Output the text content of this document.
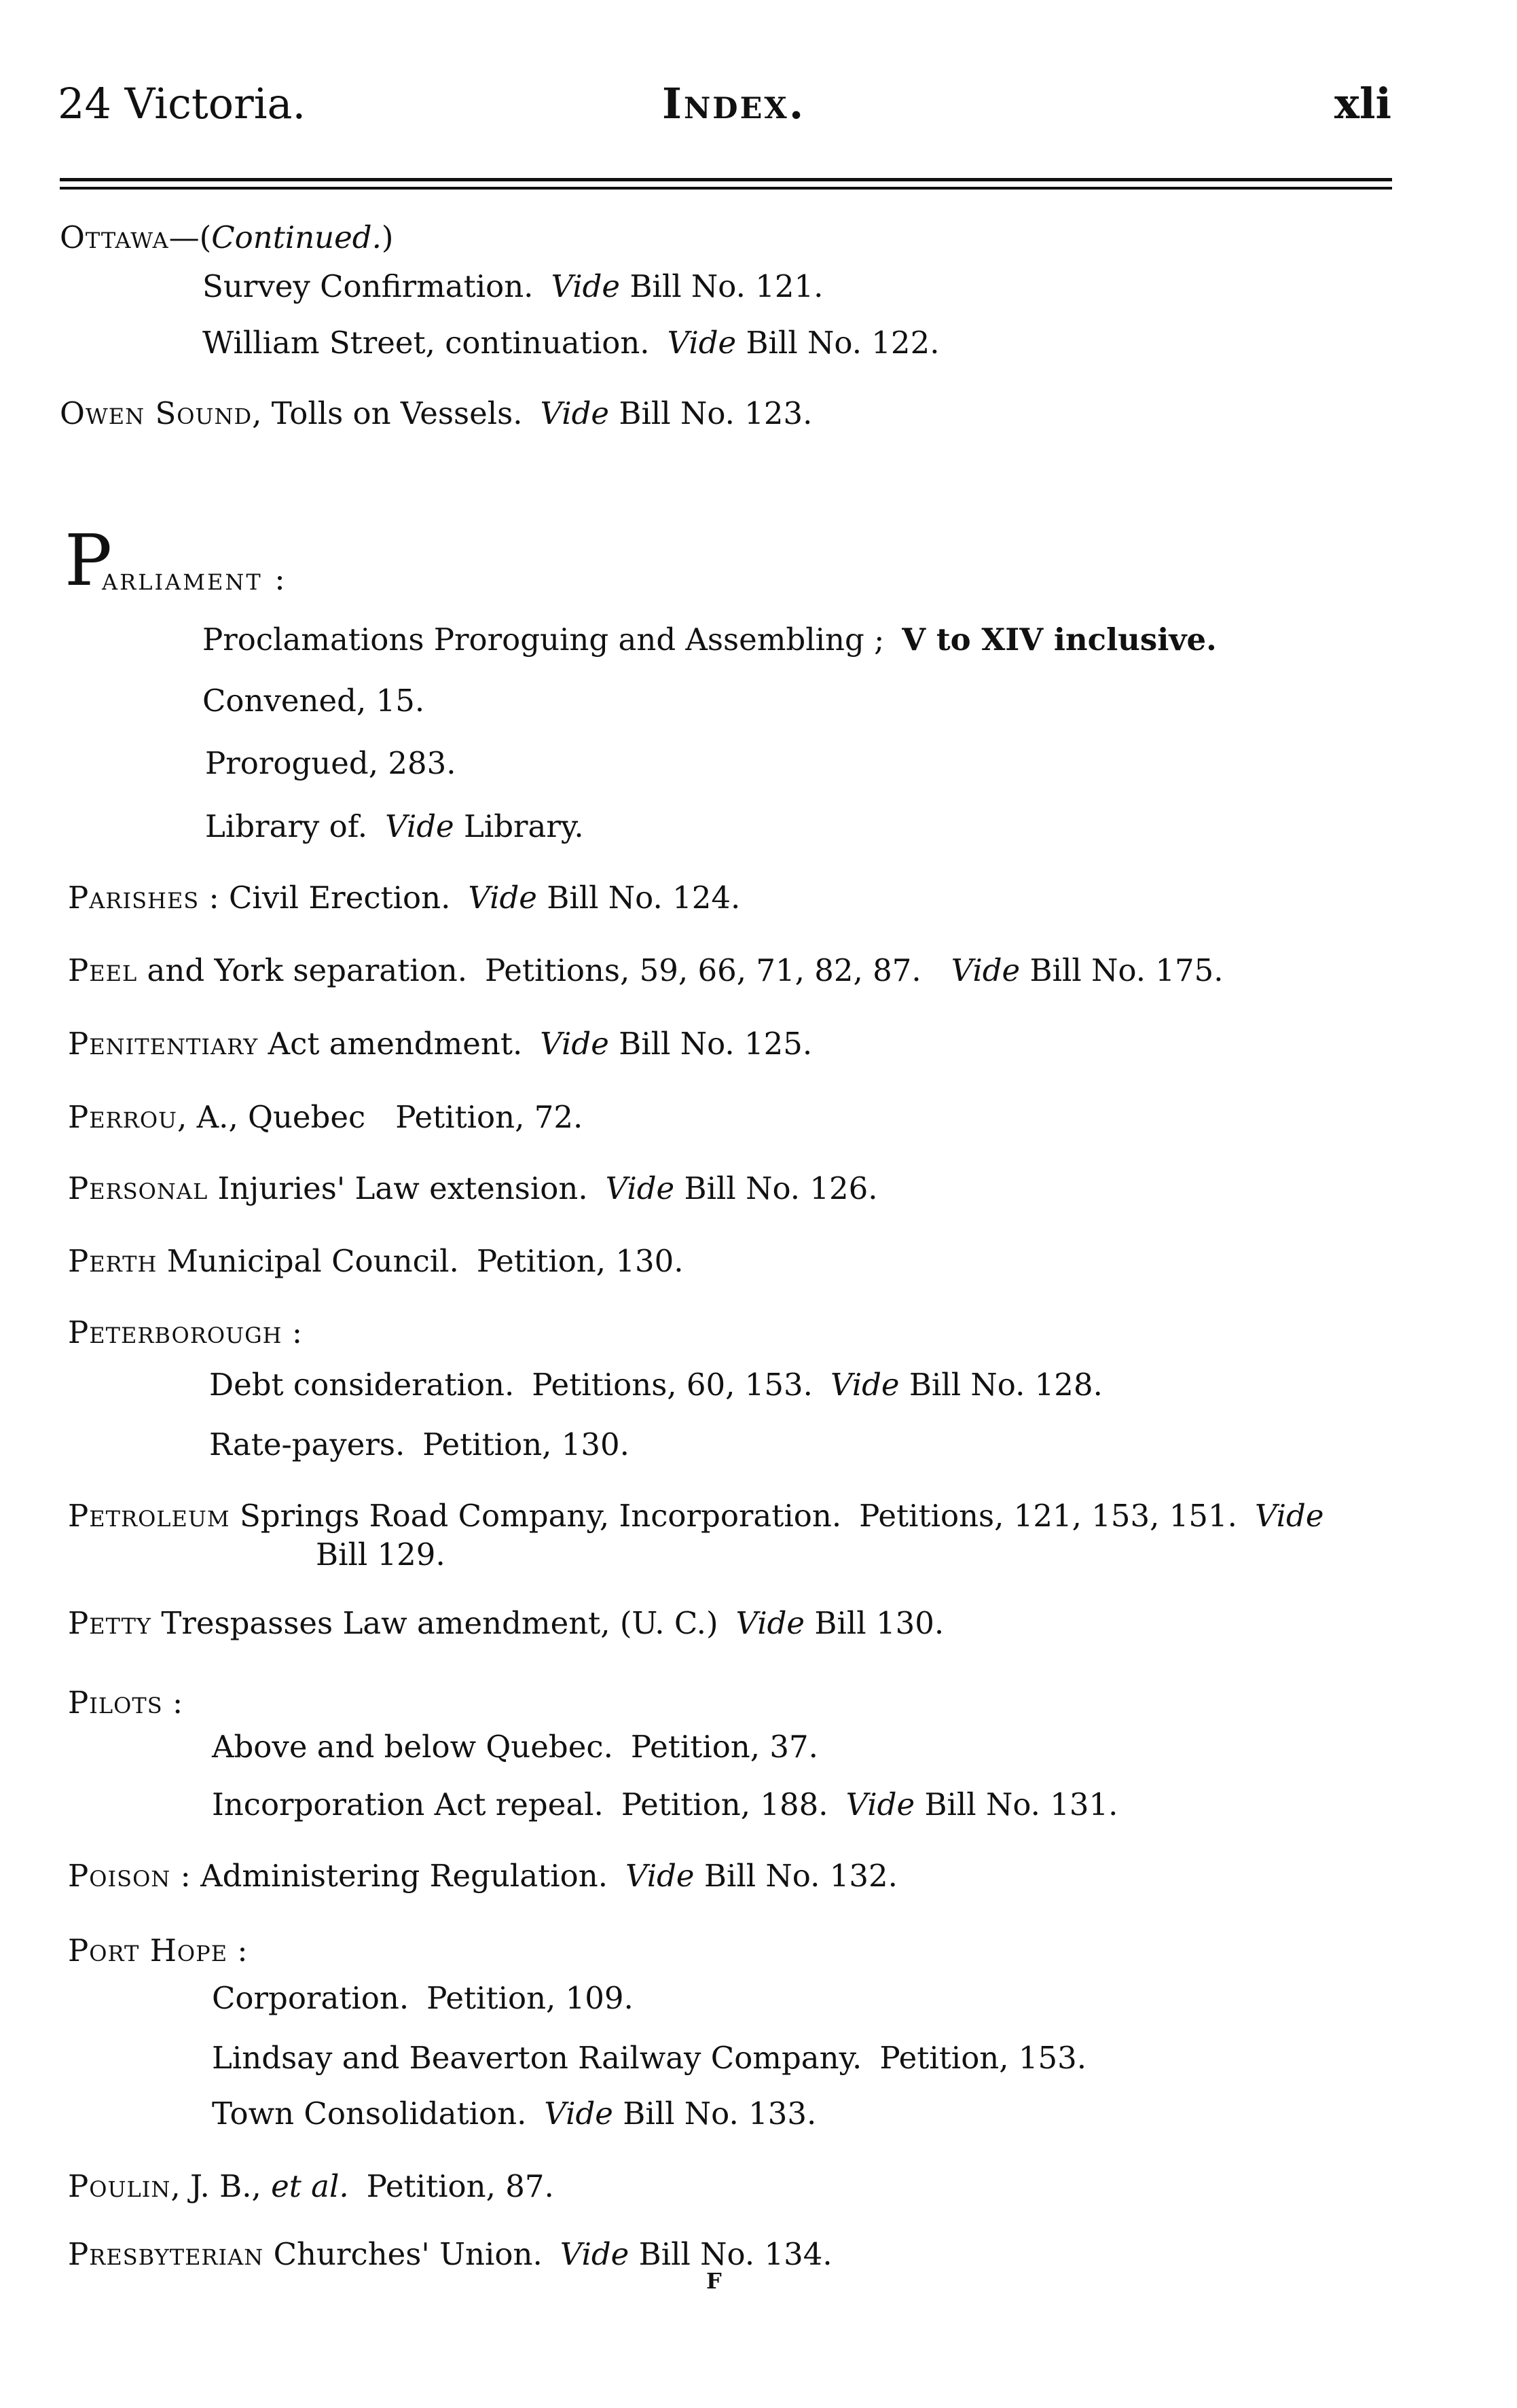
24 Victoria.	Index.	xli
Ottawa—(Continued.)
Survey Confirmation. Vide Bill No. 121.
William Street, continuation. Vide Bill No. 122.
Owen Sound, Tolls on Vessels. Vide Bill No. 123.
P
arliament :
Proclamations Proroguing and Assembling ; V to XIV inclusive.
Convened, 15.
Prorogued, 283.
Library of. Vide Library.
Parishes : Civil Erection. Vide Bill No. 124.
Peel and York separation. Petitions, 59, 66, 71, 82, 87. Vide Bill No. 175.
Penitentiary Act amendment. Vide Bill No. 125.
Perrou, A., Quebec Petition, 72.
Personal Injuries' Law extension. Vide Bill No. 126.
Perth Municipal Council. Petition, 130.
Peterborough :
Debt consideration. Petitions, 60, 153. Vide Bill No. 128.
Rate-payers. Petition, 130.
Petroleum Springs Road Company, Incorporation. Petitions, 121, 153, 151. Vide
Bill 129.
Petty Trespasses Law amendment, (U. C.) Vide Bill 130.
Pilots :
Above and below Quebec. Petition, 37.
Incorporation Act repeal. Petition, 188. Vide Bill No. 131.
Poison : Administering Regulation. Vide Bill No. 132.
Port Hope :
Corporation. Petition, 109.
Lindsay and Beaverton Railway Company. Petition, 153.
Town Consolidation. Vide Bill No. 133.
Poulin, J. B., et al. Petition, 87.
Presbyterian Churches' Union. Vide Bill No. 134.
F
